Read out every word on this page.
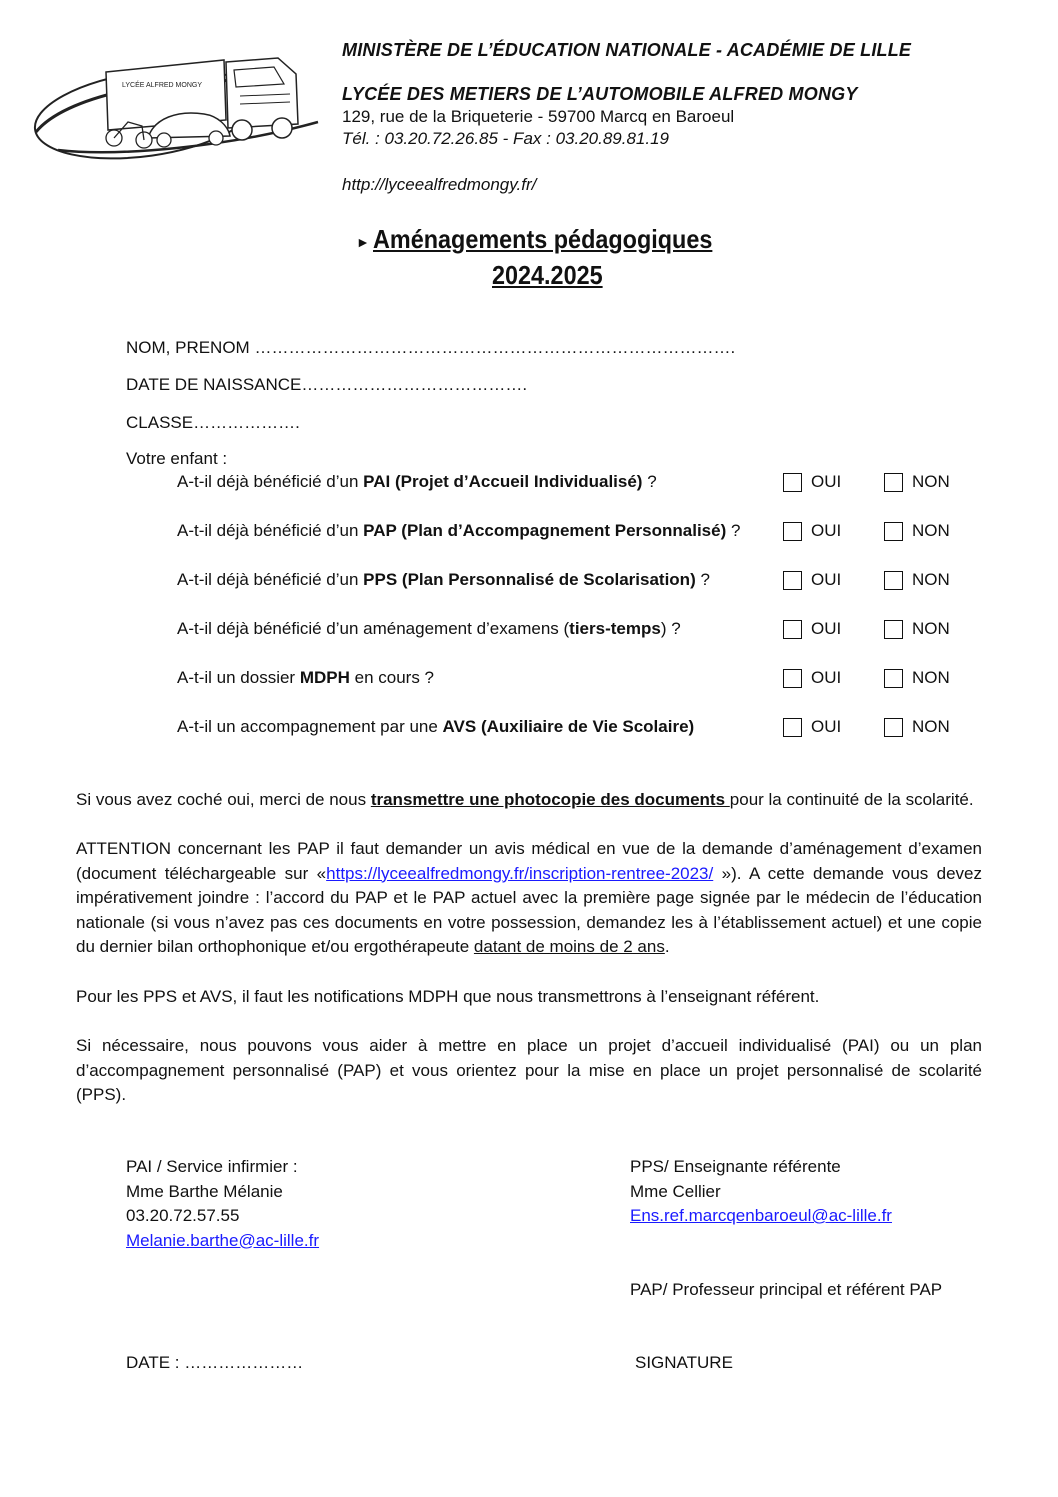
LYCÉE ALFRED MONGY
MINISTÈRE DE L’ÉDUCATION NATIONALE - ACADÉMIE DE LILLE
LYCÉE DES METIERS DE L’AUTOMOBILE ALFRED MONGY
129, rue de la Briqueterie - 59700 Marcq en Baroeul
Tél. : 03.20.72.26.85 - Fax : 03.20.89.81.19
http://lyceealfredmongy.fr/
► Aménagements pédagogiques
2024.2025
NOM, PRENOM ………………………………………………………………………….
DATE DE NAISSANCE………………………………….
CLASSE……………….
Votre enfant :
A-t-il déjà bénéficié d’un PAI (Projet d’Accueil Individualisé) ?	OUI	NON
A-t-il déjà bénéficié d’un PAP (Plan d’Accompagnement Personnalisé) ?	OUI	NON
A-t-il déjà bénéficié d’un PPS (Plan Personnalisé de Scolarisation) ?	OUI	NON
A-t-il déjà bénéficié d’un aménagement d’examens (tiers-temps) ?	OUI	NON
A-t-il un dossier MDPH en cours ?	OUI	NON
A-t-il un accompagnement par une AVS (Auxiliaire de Vie Scolaire)	OUI	NON
Si vous avez coché oui, merci de nous transmettre une photocopie des documents pour la continuité de la scolarité.
ATTENTION concernant les PAP il faut demander un avis médical en vue de la demande d’aménagement d’examen (document téléchargeable sur «https://lyceealfredmongy.fr/inscription-rentree-2023/ »). A cette demande vous devez impérativement joindre : l’accord du PAP et le PAP actuel avec la première page signée par le médecin de l’éducation nationale (si vous n’avez pas ces documents en votre possession, demandez les à l’établissement actuel) et une copie du dernier bilan orthophonique et/ou ergothérapeute datant de moins de 2 ans.
Pour les PPS et AVS, il faut les notifications MDPH que nous transmettrons à l’enseignant référent.
Si nécessaire, nous pouvons vous aider à mettre en place un projet d’accueil individualisé (PAI) ou un plan d’accompagnement personnalisé (PAP) et vous orientez pour la mise en place un projet personnalisé de scolarité (PPS).
PAI / Service infirmier :
Mme Barthe Mélanie
03.20.72.57.55
Melanie.barthe@ac-lille.fr
PPS/ Enseignante référente
Mme Cellier
Ens.ref.marcqenbaroeul@ac-lille.fr
PAP/ Professeur principal et référent PAP
DATE : …………………	SIGNATURE
